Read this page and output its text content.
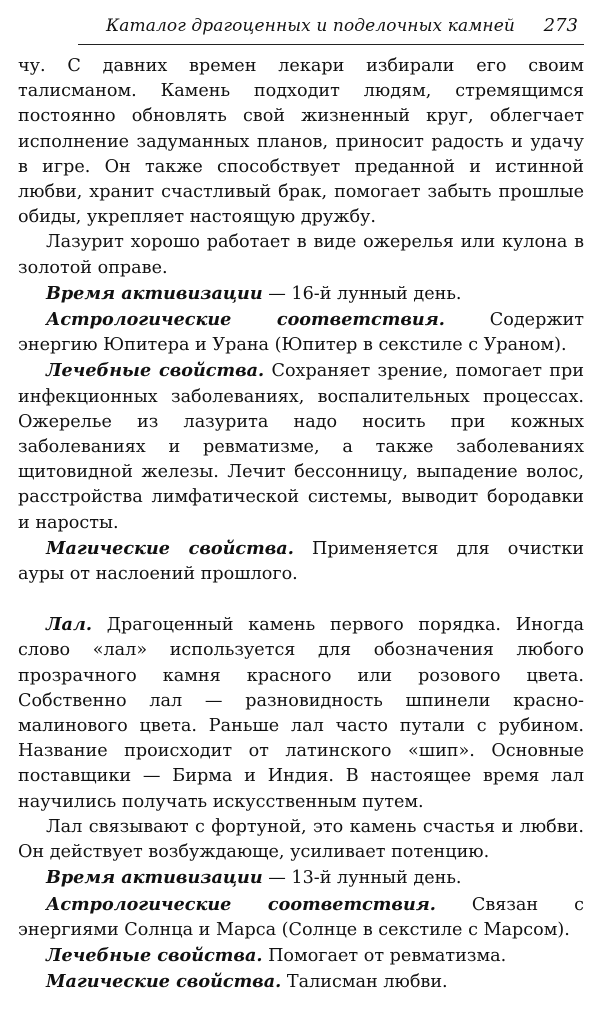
Каталог драгоценных и поделочных камней 273

чу. С давних времен лекари избирали его своим талисманом. Камень подходит людям, стремящимся постоянно обновлять свой жизненный круг, облегчает исполнение задуманных планов, приносит радость и удачу в игре. Он также способствует преданной и истинной любви, хранит счастливый брак, помогает забыть прошлые обиды, укрепляет настоящую дружбу.

Лазурит хорошо работает в виде ожерелья или кулона в золотой оправе.

Время активизации — 16-й лунный день.

Астрологические соответствия. Содержит энергию Юпитера и Урана (Юпитер в секстиле с Ураном).

Лечебные свойства. Сохраняет зрение, помогает при инфекционных заболеваниях, воспалительных процессах. Ожерелье из лазурита надо носить при кожных заболеваниях и ревматизме, а также заболеваниях щитовидной железы. Лечит бессонницу, выпадение волос, расстройства лимфатической системы, выводит бородавки и наросты.

Магические свойства. Применяется для очистки ауры от наслоений прошлого.

Лал. Драгоценный камень первого порядка. Иногда слово «лал» используется для обозначения любого прозрачного камня красного или розового цвета. Собственно лал — разновидность шпинели красно-малинового цвета. Раньше лал часто путали с рубином. Название происходит от латинского «шип». Основные поставщики — Бирма и Индия. В настоящее время лал научились получать искусственным путем.

Лал связывают с фортуной, это камень счастья и любви. Он действует возбуждающе, усиливает потенцию.

Время активизации — 13-й лунный день.

Астрологические соответствия. Связан с энергиями Солнца и Марса (Солнце в секстиле с Марсом).

Лечебные свойства. Помогает от ревматизма.

Магические свойства. Талисман любви.
